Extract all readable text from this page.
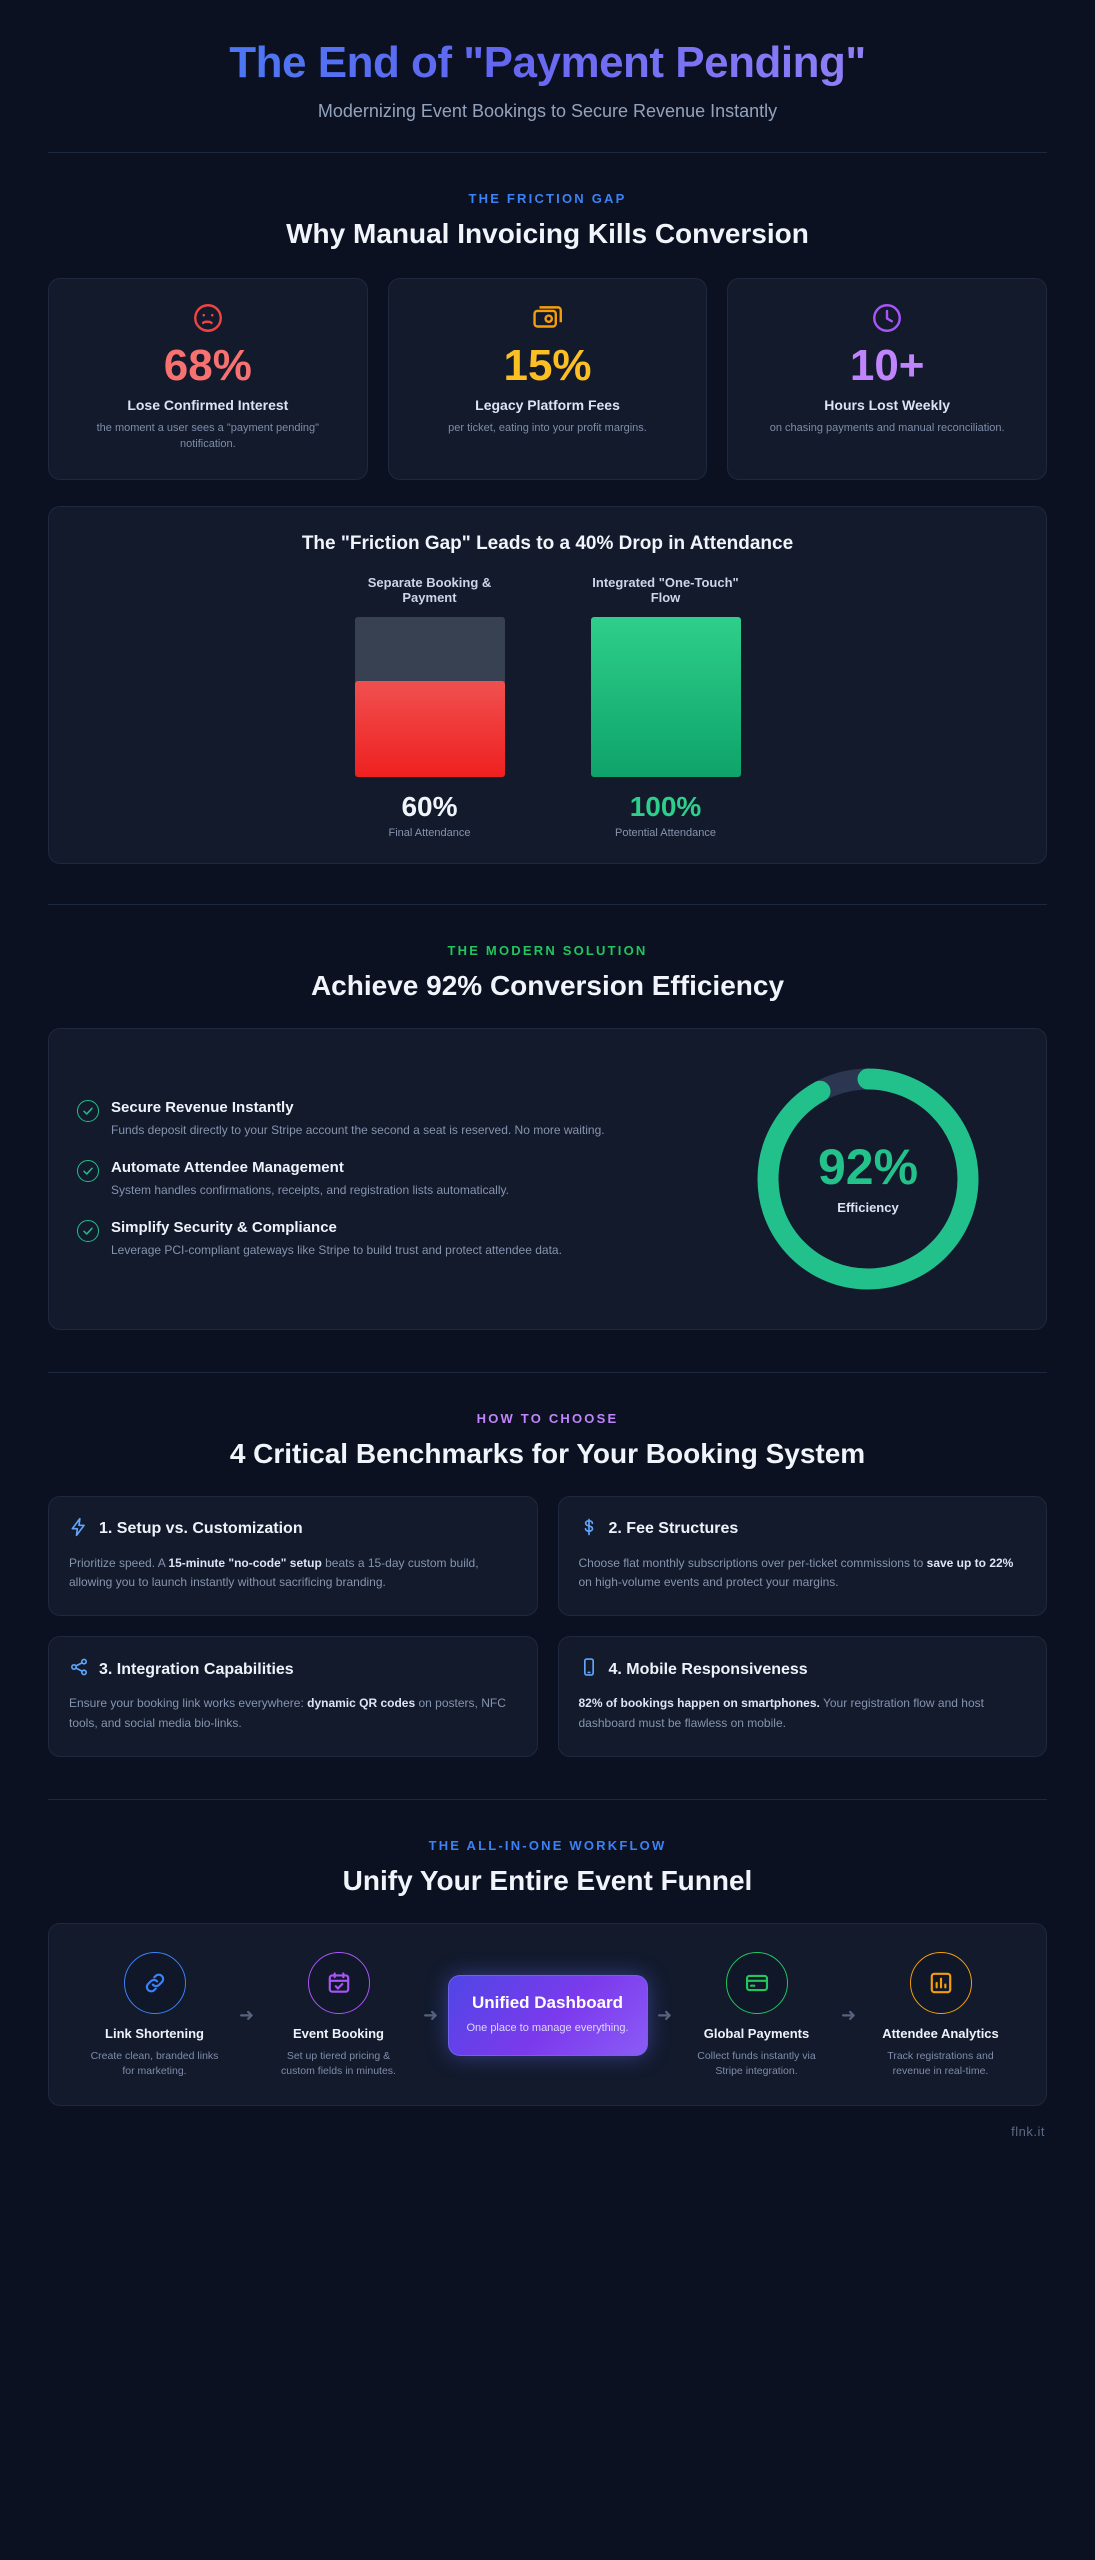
The End of "Payment Pending"
Modernizing Event Bookings to Secure Revenue Instantly
THE FRICTION GAP
Why Manual Invoicing Kills Conversion
68%
Lose Confirmed Interest
the moment a user sees a "payment pending" notification.
15%
Legacy Platform Fees
per ticket, eating into your profit margins.
10+
Hours Lost Weekly
on chasing payments and manual reconciliation.
The "Friction Gap" Leads to a 40% Drop in Attendance
Separate Booking & Payment
60%
Final Attendance
Integrated "One-Touch" Flow
100%
Potential Attendance
THE MODERN SOLUTION
Achieve 92% Conversion Efficiency
Secure Revenue Instantly
Funds deposit directly to your Stripe account the second a seat is reserved. No more waiting.
Automate Attendee Management
System handles confirmations, receipts, and registration lists automatically.
Simplify Security & Compliance
Leverage PCI-compliant gateways like Stripe to build trust and protect attendee data.
92%
Efficiency
HOW TO CHOOSE
4 Critical Benchmarks for Your Booking System
1. Setup vs. Customization
Prioritize speed. A 15-minute "no-code" setup beats a 15-day custom build, allowing you to launch instantly without sacrificing branding.
2. Fee Structures
Choose flat monthly subscriptions over per-ticket commissions to save up to 22% on high-volume events and protect your margins.
3. Integration Capabilities
Ensure your booking link works everywhere: dynamic QR codes on posters, NFC tools, and social media bio-links.
4. Mobile Responsiveness
82% of bookings happen on smartphones. Your registration flow and host dashboard must be flawless on mobile.
THE ALL-IN-ONE WORKFLOW
Unify Your Entire Event Funnel
Link Shortening
Create clean, branded links for marketing.
➜
Event Booking
Set up tiered pricing & custom fields in minutes.
➜
Unified Dashboard
One place to manage everything.
➜
Global Payments
Collect funds instantly via Stripe integration.
➜
Attendee Analytics
Track registrations and revenue in real-time.
flnk.it
